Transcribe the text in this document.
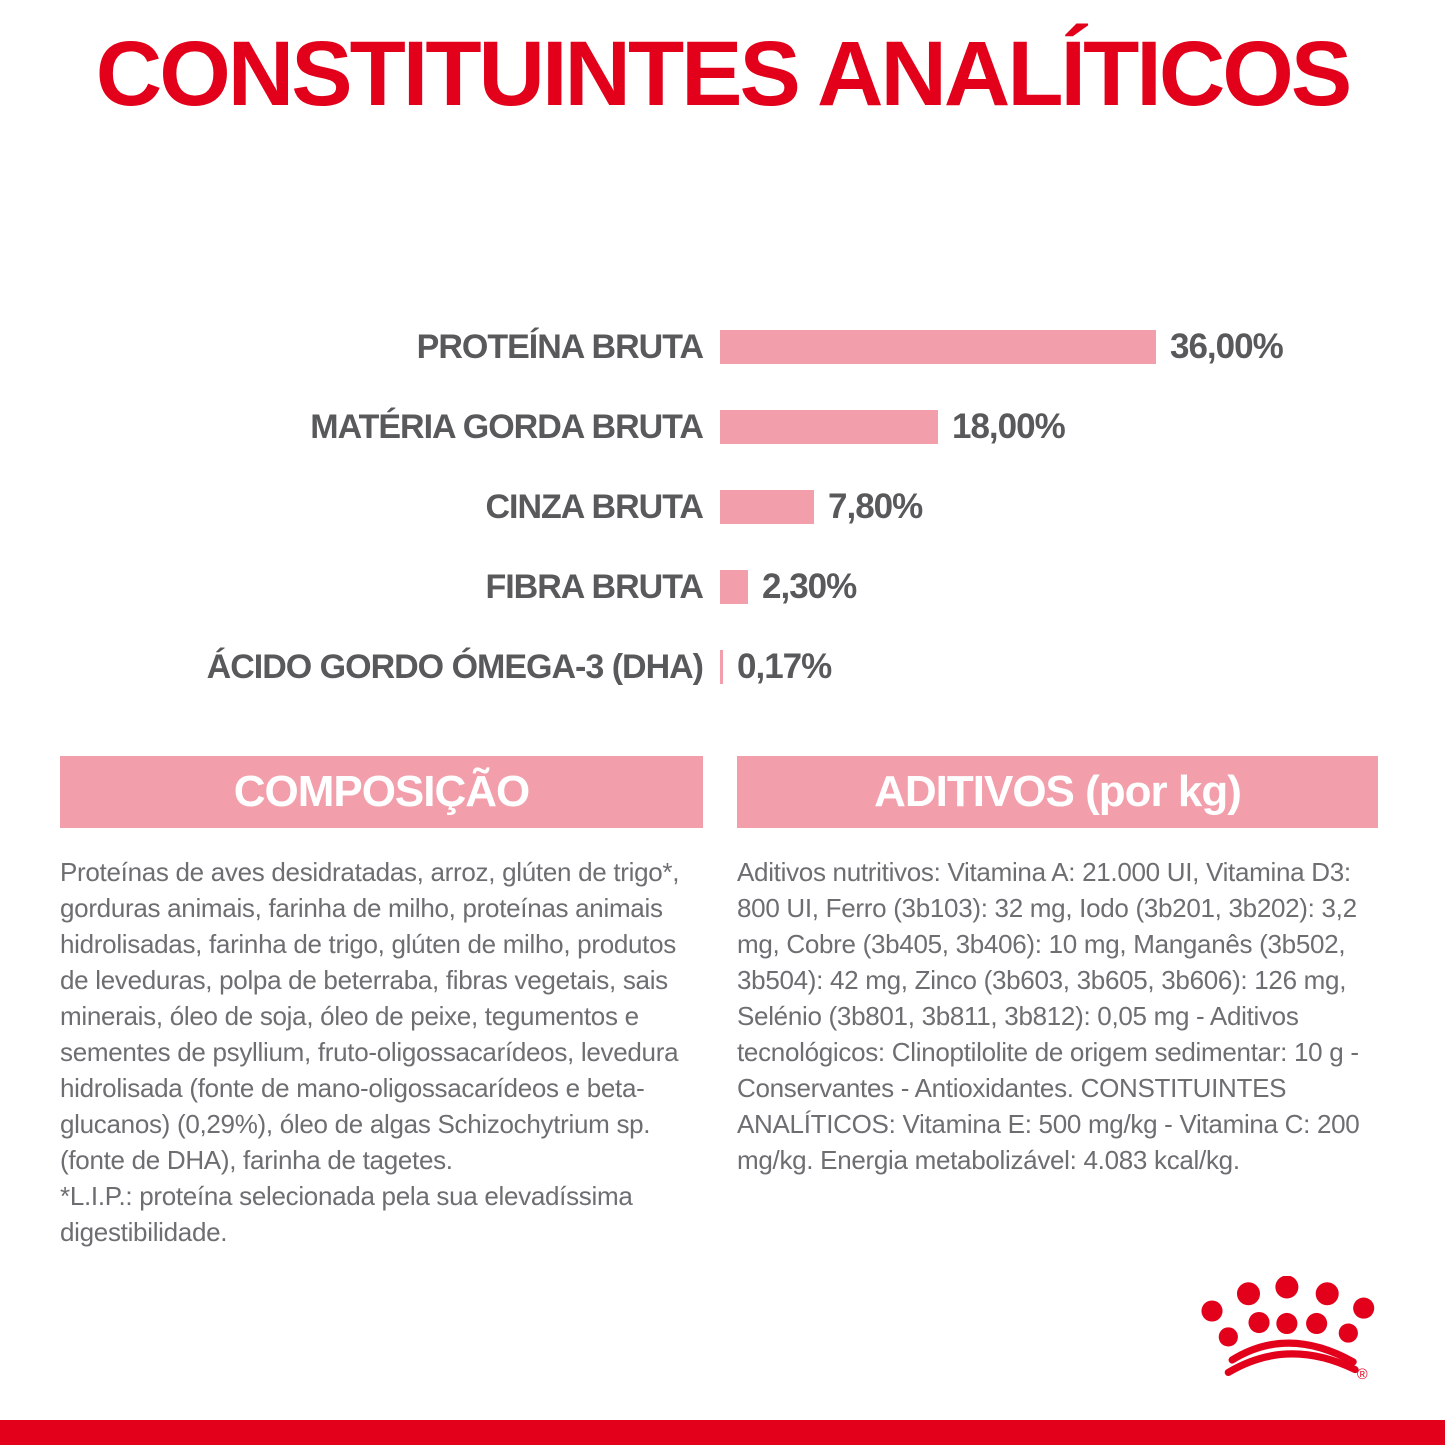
CONSTITUINTES ANALÍTICOS
PROTEÍNA BRUTA	36,00%
MATÉRIA GORDA BRUTA	18,00%
CINZA BRUTA	7,80%
FIBRA BRUTA	2,30%
ÁCIDO GORDO ÓMEGA-3 (DHA) 0,17%
COMPOSIÇÃO

Proteínas de aves desidratadas, arroz, glúten de trigo*, gorduras animais, farinha de milho, proteínas animais hidrolisadas, farinha de trigo, glúten de milho, produtos de leveduras, polpa de beterraba, fibras vegetais, sais minerais, óleo de soja, óleo de peixe, tegumentos e sementes de psyllium, fruto-oligossacarídeos, levedura hidrolisada (fonte de mano-oligossacarídeos e beta-glucanos) (0,29%), óleo de algas Schizochytrium sp. (fonte de DHA), farinha de tagetes.

*L.I.P.: proteína selecionada pela sua elevadíssima digestibilidade.

ADITIVOS (por kg)

Aditivos nutritivos: Vitamina A: 21.000 UI, Vitamina D3: 800 UI, Ferro (3b103): 32 mg, Iodo (3b201, 3b202): 3,2 mg, Cobre (3b405, 3b406): 10 mg, Manganês (3b502, 3b504): 42 mg, Zinco (3b603, 3b605, 3b606): 126 mg, Selénio (3b801, 3b811, 3b812): 0,05 mg - Aditivos tecnológicos: Clinoptilolite de origem sedimentar: 10 g - Conservantes - Antioxidantes. CONSTITUINTES ANALÍTICOS: Vitamina E: 500 mg/kg - Vitamina C: 200 mg/kg. Energia metabolizável: 4.083 kcal/kg.

®
